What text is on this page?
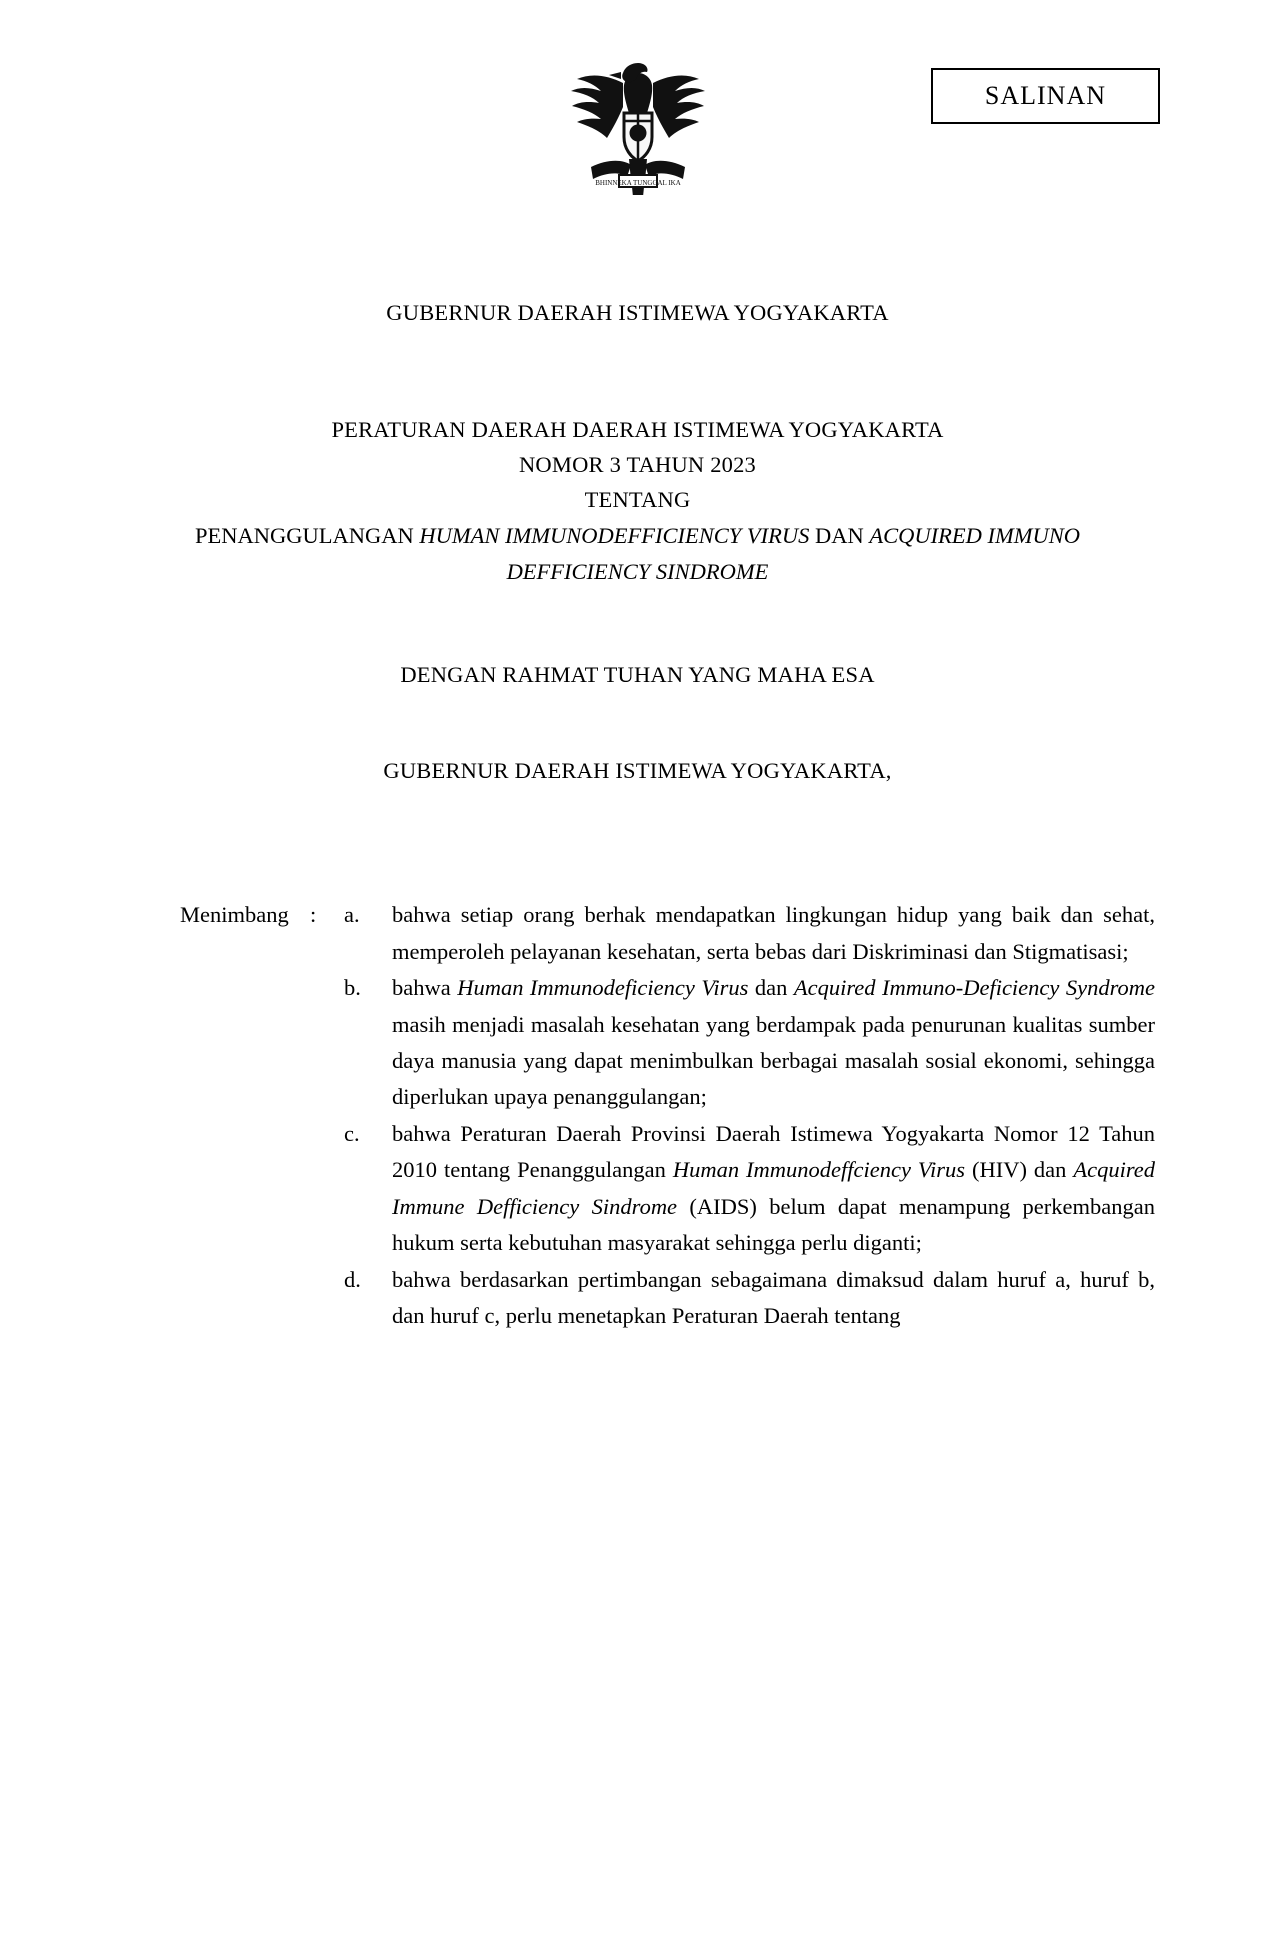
BHINNEKA TUNGGAL IKA
SALINAN
GUBERNUR DAERAH ISTIMEWA YOGYAKARTA
PERATURAN DAERAH DAERAH ISTIMEWA YOGYAKARTA
NOMOR 3 TAHUN 2023
TENTANG
PENANGGULANGAN HUMAN IMMUNODEFFICIENCY VIRUS DAN ACQUIRED IMMUNO DEFFICIENCY SINDROME
DENGAN RAHMAT TUHAN YANG MAHA ESA
GUBERNUR DAERAH ISTIMEWA YOGYAKARTA,
Menimbang :	a.	bahwa setiap orang berhak mendapatkan lingkungan hidup yang baik dan sehat, memperoleh pelayanan kesehatan, serta bebas dari Diskriminasi dan Stigmatisasi;
b.	bahwa Human Immunodeficiency Virus dan Acquired Immuno-Deficiency Syndrome masih menjadi masalah kesehatan yang berdampak pada penurunan kualitas sumber daya manusia yang dapat menimbulkan berbagai masalah sosial ekonomi, sehingga diperlukan upaya penanggulangan;
c.	bahwa Peraturan Daerah Provinsi Daerah Istimewa Yogyakarta Nomor 12 Tahun 2010 tentang Penanggulangan Human Immunodeffciency Virus (HIV) dan Acquired Immune Defficiency Sindrome (AIDS) belum dapat menampung perkembangan hukum serta kebutuhan masyarakat sehingga perlu diganti;
d.	bahwa berdasarkan pertimbangan sebagaimana dimaksud dalam huruf a, huruf b, dan huruf c, perlu menetapkan Peraturan Daerah tentang
